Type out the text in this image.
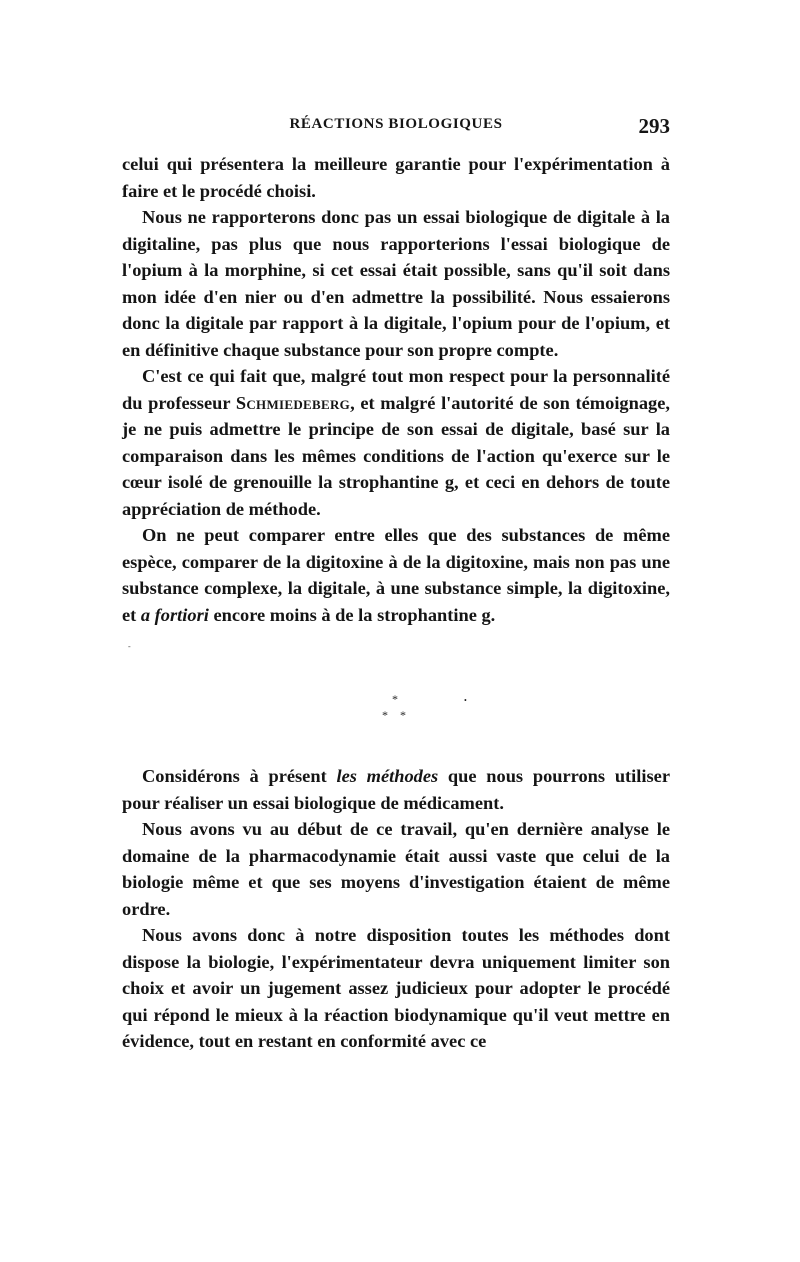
RÉACTIONS BIOLOGIQUES	293

celui qui présentera la meilleure garantie pour l'expérimentation à faire et le procédé choisi.

Nous ne rapporterons donc pas un essai biologique de digitale à la digitaline, pas plus que nous rapporterions l'essai biologique de l'opium à la morphine, si cet essai était possible, sans qu'il soit dans mon idée d'en nier ou d'en admettre la possibilité. Nous essaierons donc la digitale par rapport à la digitale, l'opium pour de l'opium, et en définitive chaque substance pour son propre compte.

C'est ce qui fait que, malgré tout mon respect pour la personnalité du professeur Schmiedeberg, et malgré l'autorité de son témoignage, je ne puis admettre le principe de son essai de digitale, basé sur la comparaison dans les mêmes conditions de l'action qu'exerce sur le cœur isolé de grenouille la strophantine g, et ceci en dehors de toute appréciation de méthode.

On ne peut comparer entre elles que des substances de même espèce, comparer de la digitoxine à de la digitoxine, mais non pas une substance complexe, la digitale, à une substance simple, la digitoxine, et a fortiori encore moins à de la strophantine g.

-
*
* *
•

Considérons à présent les méthodes que nous pourrons utiliser pour réaliser un essai biologique de médicament.

Nous avons vu au début de ce travail, qu'en dernière analyse le domaine de la pharmacodynamie était aussi vaste que celui de la biologie même et que ses moyens d'investigation étaient de même ordre.

Nous avons donc à notre disposition toutes les méthodes dont dispose la biologie, l'expérimentateur devra uniquement limiter son choix et avoir un jugement assez judicieux pour adopter le procédé qui répond le mieux à la réaction biodynamique qu'il veut mettre en évidence, tout en restant en conformité avec ce
